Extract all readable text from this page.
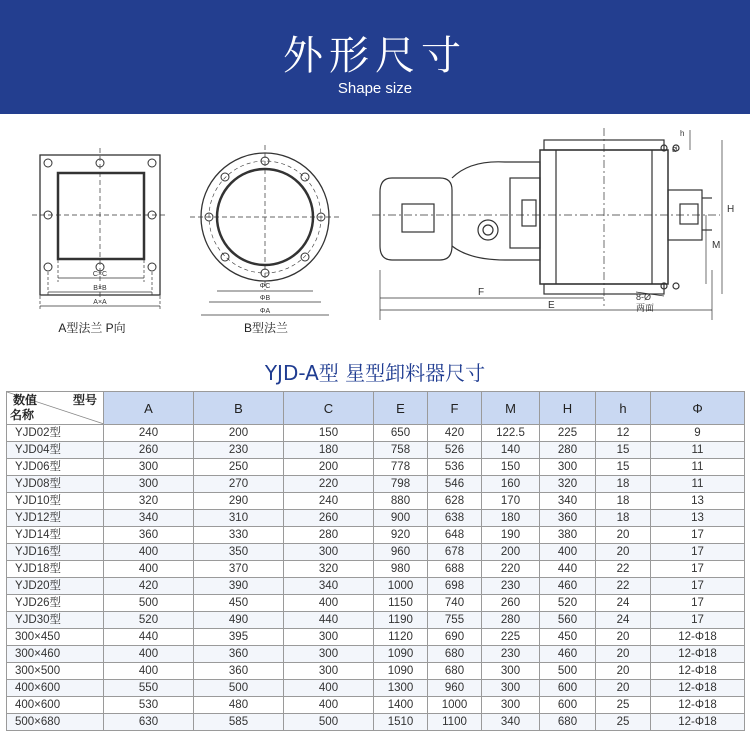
外形尺寸
Shape size
C×C
B×B
A×A
A型法兰 P向
ΦC
ΦB
ΦA
B型法兰
F
E
H
M
h
Ø
8-Ø
两面
YJD-A型 星型卸料器尺寸
数值 型号
名称	A	B	C	E	F	M	H	h	Φ
YJD02型	240	200	150	650	420	122.5	225	12	9
YJD04型	260	230	180	758	526	140	280	15	11
YJD06型	300	250	200	778	536	150	300	15	11
YJD08型	300	270	220	798	546	160	320	18	11
YJD10型	320	290	240	880	628	170	340	18	13
YJD12型	340	310	260	900	638	180	360	18	13
YJD14型	360	330	280	920	648	190	380	20	17
YJD16型	400	350	300	960	678	200	400	20	17
YJD18型	400	370	320	980	688	220	440	22	17
YJD20型	420	390	340	1000	698	230	460	22	17
YJD26型	500	450	400	1150	740	260	520	24	17
YJD30型	520	490	440	1190	755	280	560	24	17
300×450	440	395	300	1120	690	225	450	20	12-Φ18
300×460	400	360	300	1090	680	230	460	20	12-Φ18
300×500	400	360	300	1090	680	300	500	20	12-Φ18
400×600	550	500	400	1300	960	300	600	20	12-Φ18
400×600	530	480	400	1400	1000	300	600	25	12-Φ18
500×680	630	585	500	1510	1100	340	680	25	12-Φ18
